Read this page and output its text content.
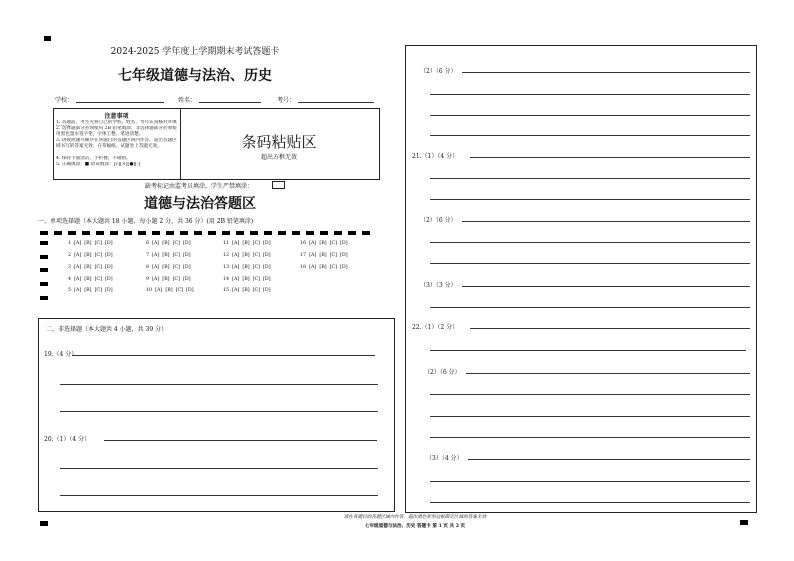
2024-2025 学年度上学期期末考试答题卡
七年级道德与法治、历史
学校：	姓名：	考号：
注意事项
1. 答题前，考生先将自己的学校、姓名、考号认真核对并填
2. 选择题部分必须使用 2B 铅笔填涂；非选择题部分必须使用黑色墨水签字笔，字体工整、笔迹清楚。
3. 请按照题号顺序在各题目的答题区域内作答，超出答题区域书写的答案无效；在草稿纸、试题卷上答题无效。
4. 保持卡面清洁，不折叠、不破损。
5. 正确填涂：■ 错误填涂：[√][×][●][-]
条码粘贴区
超出方框无效
缺考标记由监考员填涂，学生严禁填涂：
道德与法治答题区
一、单项选择题（本大题共 18 小题，每小题 2 分，共 36 分）(用 2B 铅笔填涂)
1 [A] [B] [C] [D]
2 [A] [B] [C] [D]
3 [A] [B] [C] [D]
4 [A] [B] [C] [D]
5 [A] [B] [C] [D]
6 [A] [B] [C] [D]
7 [A] [B] [C] [D]
8 [A] [B] [C] [D]
9 [A] [B] [C] [D]
10 [A] [B] [C] [D]
11 [A] [B] [C] [D]
12 [A] [B] [C] [D]
13 [A] [B] [C] [D]
14 [A] [B] [C] [D]
15 [A] [B] [C] [D]
16 [A] [B] [C] [D]
17 [A] [B] [C] [D]
18 [A] [B] [C] [D]
二、非选择题（本大题共 4 小题，共 39 分）
19.（4 分）
20.（1）（4 分）
（2）（6 分）
21.（1）（4 分）
（2）（6 分）
（3）（3 分）
22.（1）（2 分）
（2）（6 分）
（3）（4 分）
请在各题目的答题区域内作答，超出黑色矩形边框限定区域的答案无效
七年级道德与法治、历史 答题卡 第 1 页 共 2 页
